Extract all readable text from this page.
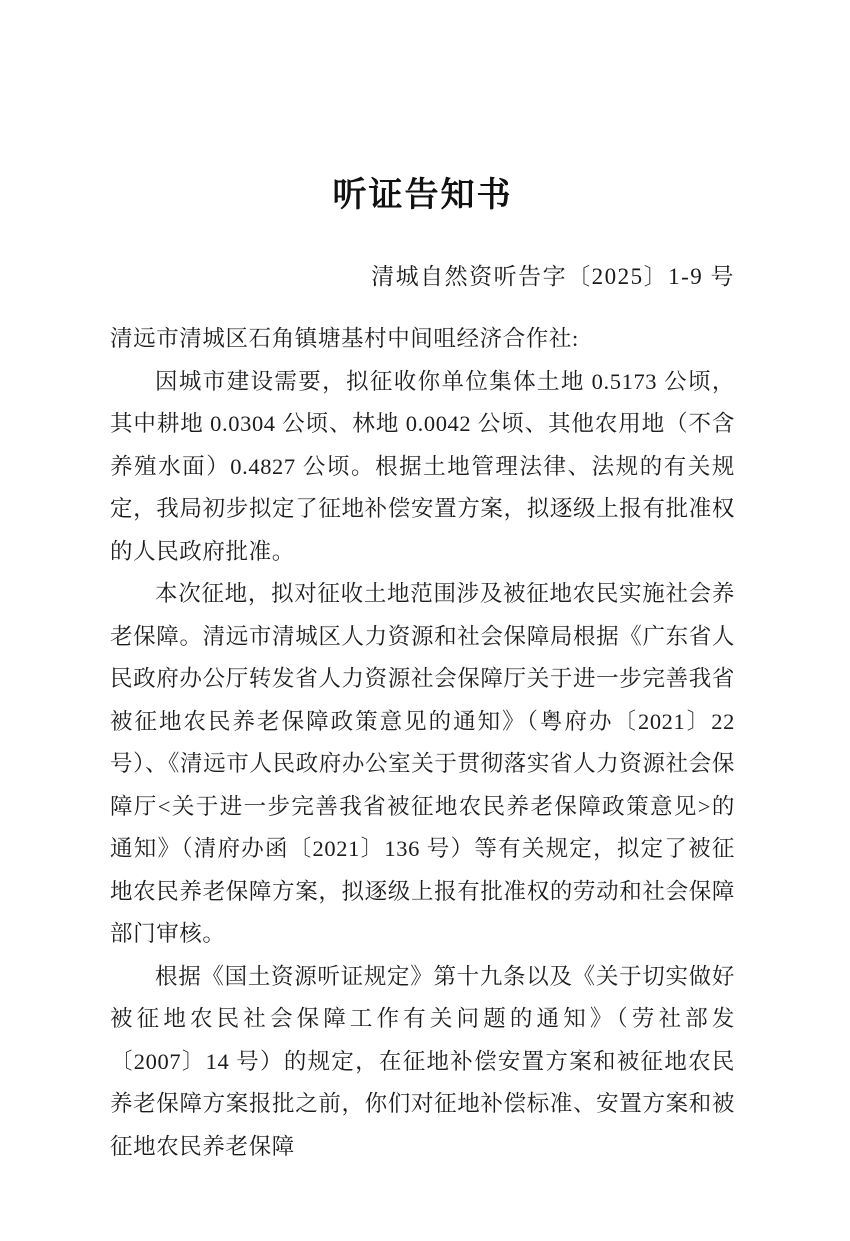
听证告知书
清城自然资听告字〔2025〕1-9 号

清远市清城区石角镇塘基村中间咀经济合作社:

因城市建设需要，拟征收你单位集体土地 0.5173 公顷，其中耕地 0.0304 公顷、林地 0.0042 公顷、其他农用地（不含养殖水面）0.4827 公顷。根据土地管理法律、法规的有关规定，我局初步拟定了征地补偿安置方案，拟逐级上报有批准权的人民政府批准。

本次征地，拟对征收土地范围涉及被征地农民实施社会养老保障。清远市清城区人力资源和社会保障局根据《广东省人民政府办公厅转发省人力资源社会保障厅关于进一步完善我省被征地农民养老保障政策意见的通知》（粤府办〔2021〕22 号）、《清远市人民政府办公室关于贯彻落实省人力资源社会保障厅<关于进一步完善我省被征地农民养老保障政策意见>的通知》（清府办函〔2021〕136 号）等有关规定，拟定了被征地农民养老保障方案，拟逐级上报有批准权的劳动和社会保障部门审核。

根据《国土资源听证规定》第十九条以及《关于切实做好被征地农民社会保障工作有关问题的通知》（劳社部发〔2007〕14 号）的规定，在征地补偿安置方案和被征地农民养老保障方案报批之前，你们对征地补偿标准、安置方案和被征地农民养老保障
